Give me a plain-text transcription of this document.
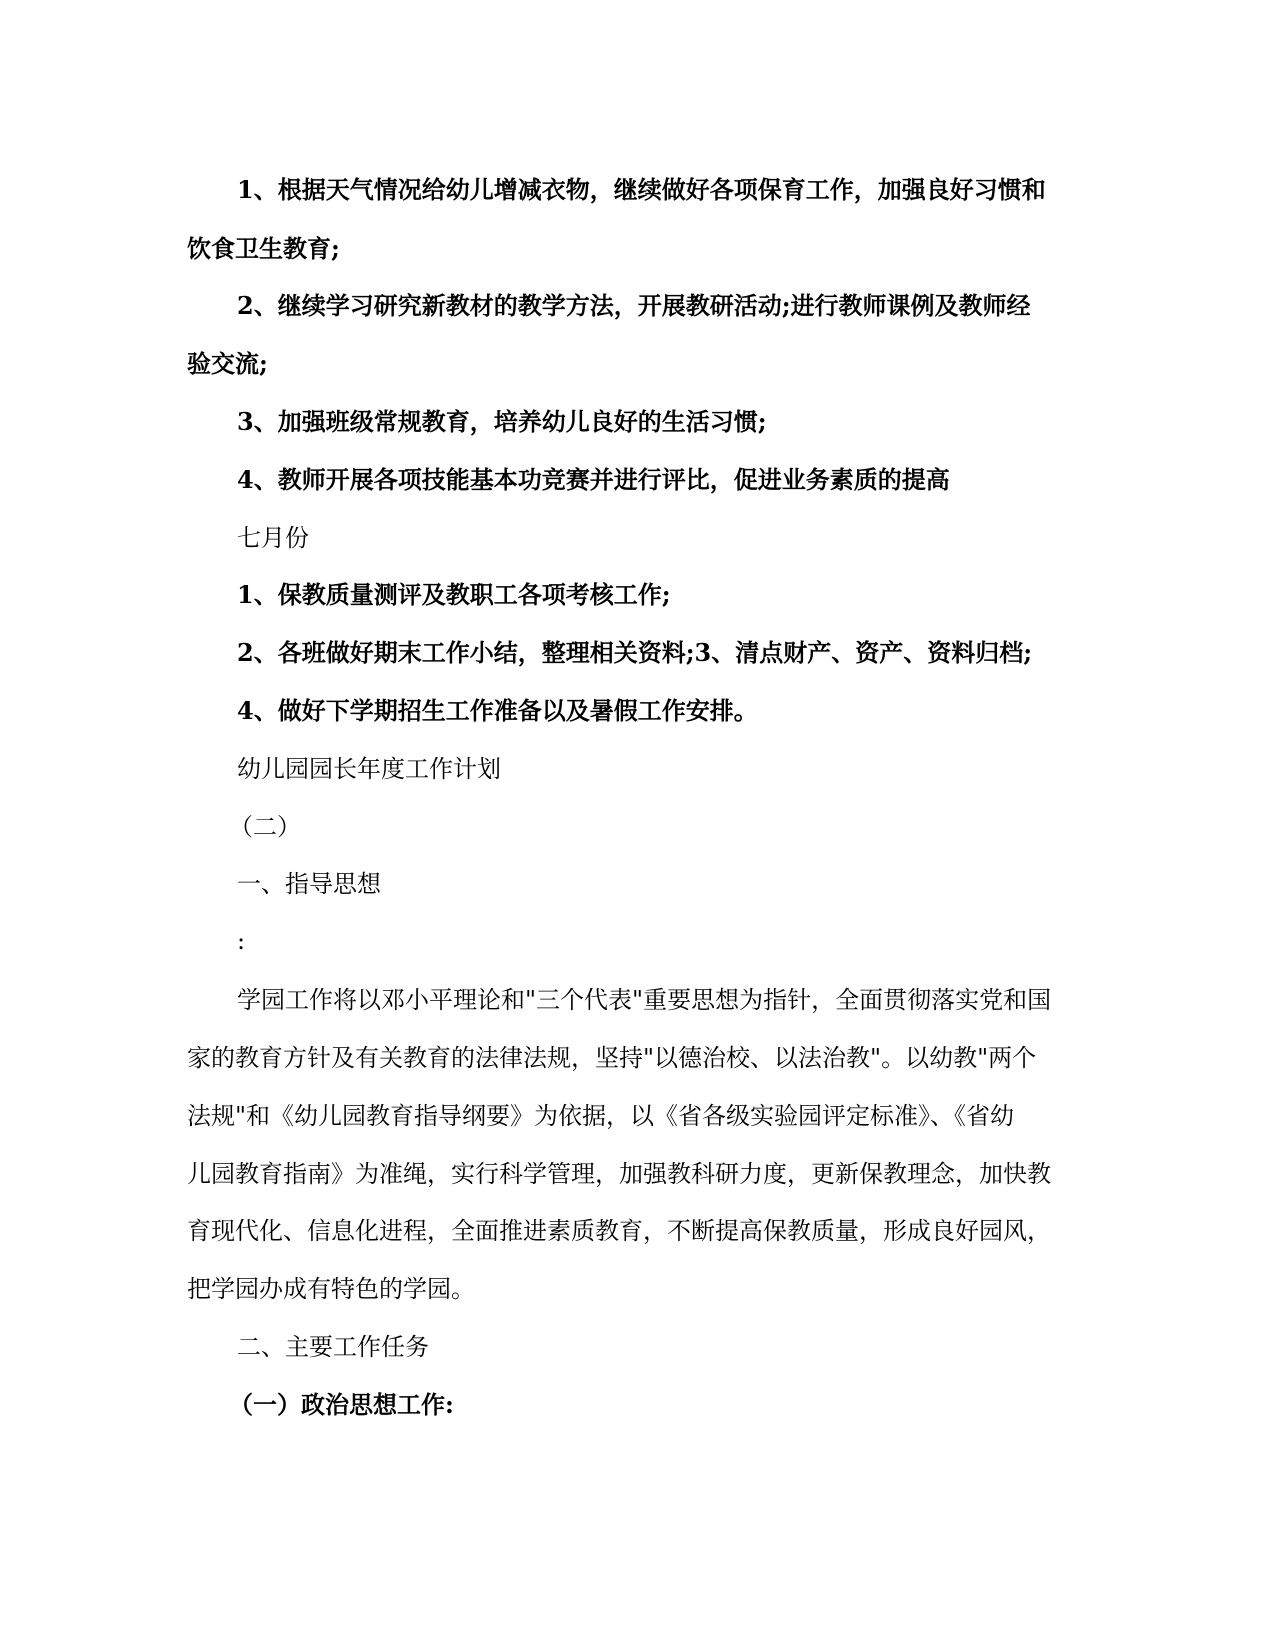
1、根据天气情况给幼儿增减衣物，继续做好各项保育工作，加强良好习惯和
饮食卫生教育;
2、继续学习研究新教材的教学方法，开展教研活动;进行教师课例及教师经
验交流;
3、加强班级常规教育，培养幼儿良好的生活习惯;
4、教师开展各项技能基本功竞赛并进行评比，促进业务素质的提高
七月份
1、保教质量测评及教职工各项考核工作;
2、各班做好期末工作小结，整理相关资料;3、清点财产、资产、资料归档;
4、做好下学期招生工作准备以及暑假工作安排。
幼儿园园长年度工作计划
（二）
一、指导思想
:
学园工作将以邓小平理论和"三个代表"重要思想为指针，全面贯彻落实党和国
家的教育方针及有关教育的法律法规，坚持"以德治校、以法治教"。以幼教"两个
法规"和《幼儿园教育指导纲要》为依据，以《省各级实验园评定标准》、《省幼
儿园教育指南》为准绳，实行科学管理，加强教科研力度，更新保教理念，加快教
育现代化、信息化进程，全面推进素质教育，不断提高保教质量，形成良好园风，
把学园办成有特色的学园。
二、主要工作任务
（一）政治思想工作:
